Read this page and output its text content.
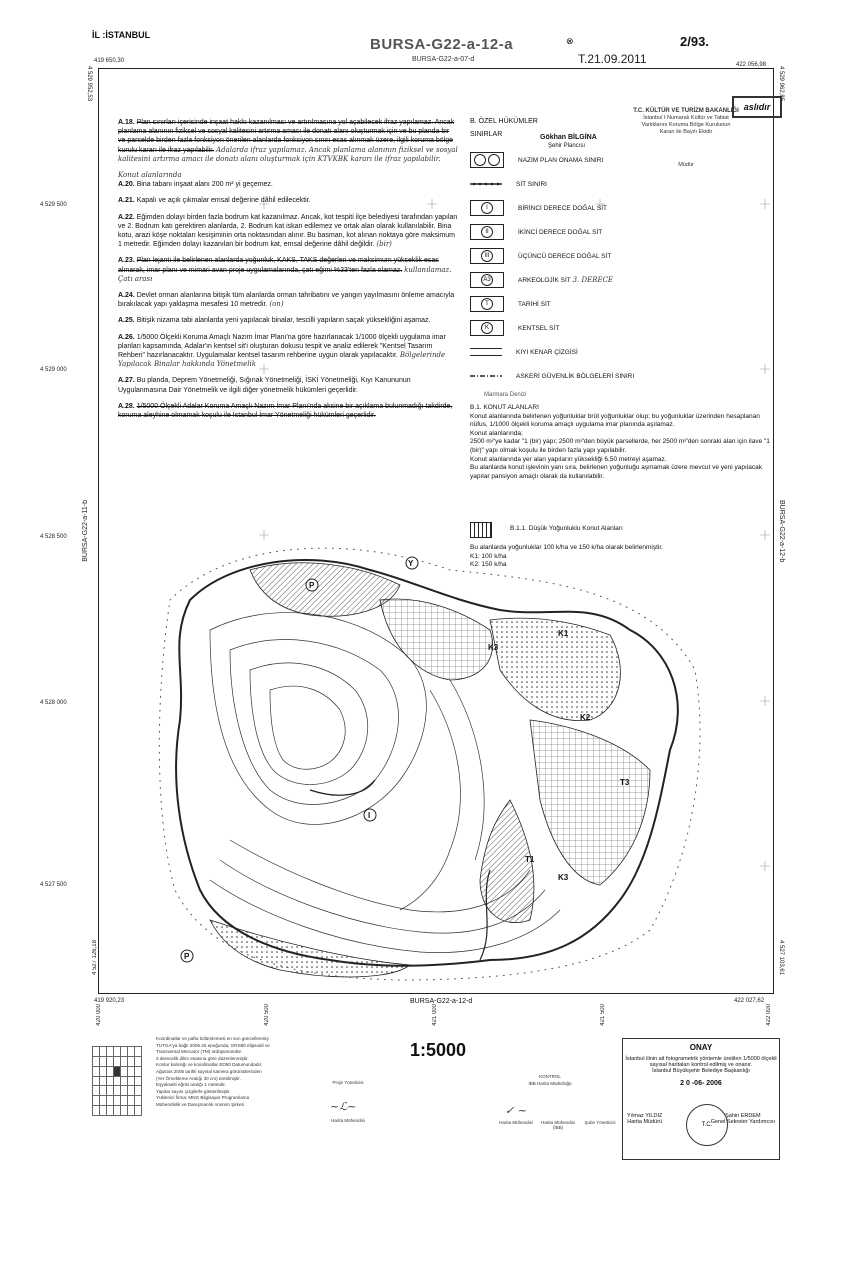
İL :İSTANBUL
BURSA-G22-a-12-a
BURSA-G22-a-07-d
⊗
T.21.09.2011
2/93.
419 650,30
422 056,98
4 529 952,53	4 529 962,85
4 529 500
4 529 000
4 528 500
4 528 000
4 527 500
BURSA-G22-a-11-b	BURSA-G22-a-12-b
419 920,23	422 027,62
4 527 126,18	4 527 103,61
BURSA-G22-a-12-d
420 000	420 500	421 000	421 500	422 000

A.18. Plan sınırları içerisinde inşaat hakkı kazanılması ve artırılmasına yol açabilecek ifraz yapılamaz. Ancak planlama alanının fiziksel ve sosyal kalitesini artırma amacı ile donatı alanı oluşturmak için ve bu planda bir ve parselde birden fazla fonksiyon önerilen alanlarda fonksiyon sınırı esas alınmak üzere, ilgili koruma bölge kurulu kararı ile ifraz yapılabilir. Adalarda ifraz yapılamaz. Ancak planlama alanının fiziksel ve sosyal kalitesini artırma amacı ile donatı alanı oluşturmak için KTVKBK kararı ile ifraz yapılabilir.

Konut alanlarında
A.20. Bina tabanı inşaat alanı 200 m² yi geçemez.

A.21. Kapalı ve açık çıkmalar emsal değerine dâhil edilecektir.

A.22. Eğimden dolayı birden fazla bodrum kat kazanılmaz. Ancak, kot tespiti ilçe belediyesi tarafından yapılan ve 2. Bodrum katı gerektiren alanlarda, 2. Bodrum kat iskan edilemez ve ortak alan olarak kullanılabilir. Bina kotu, arazi köşe noktaları kesişiminin orta noktasından alınır. Bu basman, kot alınan noktaya göre maksimum 1 metredir. Eğimden dolayı kazanılan bir bodrum kat, emsal değerine dâhil değildir. (bir)

A.23. Plan lejantı ile belirlenen alanlarda yoğunluk, KAKS, TAKS değerleri ve maksimum yükseklik esas alınarak, imar planı ve mimari avan proje uygulamalarında, çatı eğimi %33'ten fazla olamaz. kullanılamaz. Çatı arası

A.24. Devlet orman alanlarına bitişik tüm alanlarda orman tahribatını ve yangın yayılmasını önleme amacıyla bırakılacak yapı yaklaşma mesafesi 10 metredir. (on)

A.25. Bitişik nizama tabi alanlarda yeni yapılacak binalar, tescilli yapıların saçak yüksekliğini aşamaz.

A.26. 1/5000 Ölçekli Koruma Amaçlı Nazım İmar Planı'na göre hazırlanacak 1/1000 ölçekli uygulama imar planları kapsamında, Adalar'ın kentsel sit'i oluşturan dokusu tespit ve analiz edilerek "Kentsel Tasarım Rehberi" hazırlanacaktır. Uygulamalar kentsel tasarım rehberine uygun olarak yapılacaktır. Bölgelerinde Yapılacak Binalar hakkında Yönetmelik

A.27. Bu planda, Deprem Yönetmeliği, Sığınak Yönetmeliği, İSKİ Yönetmeliği, Kıyı Kanununun Uygulanmasına Dair Yönetmelik ve ilgili diğer yönetmelik hükümleri geçerlidir.

A.28. 1/5000 Ölçekli Adalar Koruma Amaçlı Nazım İmar Planı'nda aksine bir açıklama bulunmadığı takdirde, koruma aleyhine olmamak koşulu ile İstanbul İmar Yönetmeliği hükümleri geçerlidir.

T.C. KÜLTÜR VE TURİZM BAKANLIĞI
İstanbul I Numaralı Kültür ve Tabiat
Varlıklarını Koruma Bölge Kurulunun
Kararı ile Bayılı Ekidir
Müdür
aslıdır
B. ÖZEL HÜKÜMLER
SINIRLAR	Gökhan BİLGİNA
Şehir Plancısı

NAZIM PLAN ONAMA SINIRI
SİT SINIRI
I	BİRİNCİ DERECE DOĞAL SİT
II	İKİNCİ DERECE DOĞAL SİT
III	ÜÇÜNCÜ DERECE DOĞAL SİT
A3	ARKEOLOJİK SİT
3. DERECE
T	TARİHİ SİT
K	KENTSEL SİT
KIYI KENAR ÇİZGİSİ
ASKERİ GÜVENLİK BÖLGELERİ SINIRI
Marmara Denizi

B.1. KONUT ALANLARI

Konut alanlarında belirlenen yoğunluklar brüt yoğunluklar olup; bu yoğunluklar üzerinden hesaplanan nüfus, 1/1000 ölçekli koruma amaçlı uygulama imar planında aşılamaz.

Konut alanlarında;

2500 m²'ye kadar "1 (bir) yapı; 2500 m²'den büyük parsellerde, her 2500 m²'den sonraki alan için ilave "1 (bir)" yapı olmak koşulu ile birden fazla yapı yapılabilir.

Konut alanlarında yer alan yapıların yüksekliği 6,50 metreyi aşamaz.

Bu alanlarda konut işlevinin yanı sıra, belirlenen yoğunluğu aşmamak üzere mevcut ve yeni yapılacak yapılar pansiyon amaçlı olarak da kullanılabilir.

B.1.1. Düşük Yoğunluklu Konut Alanları

Bu alanlarda yoğunluklar 100 k/ha ve 150 k/ha olarak belirlenmiştir.

K1: 100 k/ha

K2: 150 k/ha

P
Y
P
K1
K2
K3
T3
K3
T1
I

Koordinatlar ve pafta bölümlemesi en son güncellenmiş
TUTGA'ya bağlı 2005.45 epoğunda, GRS80 elipsoidi ve
Transversal Mercator (TM) ürdüşümündür.
3 derecelik dilim esasına göre düzenlenmiştir.
Kontur kalınlığı ve koordinatlar ED50 Datumundadır.
Ağustos 2005 tarihli sayısal kamera görüntülerinden
(Yer Örnekleme Aralığı 30 cm) üretilmiştir.
Eşyükselti eğrisi aralığı 1 metredir.
Yapılar sayısı çizgilerle gösterilmiştir.
Yüklenici firma: MNG Bilgisayar Programlama
Mühendislik ve Danışmanlık Anonim Şirketi
Proje Yöneticisi
Harita Mühendisi
1:5000
KONTROL
İBB Harita Müdürlüğü
Harita Mühendisi	Harita Mühendisi (İBB)
Şube Yöneticisi
~ℒ~	✓ ~
ONAY
İstanbul ilinin ait fotogrametrik yöntemle üretilen 1/5000 ölçekli
sayısal haritaları kontrol edilmiş ve onanır.
İstanbul Büyükşehir Belediye Başkanlığı
2 0 -06- 2006
Yılmaz YILDIZ
Harita Müdürü
Şahin ERDEM
Genel Sekreter Yardımcısı
T.C.
